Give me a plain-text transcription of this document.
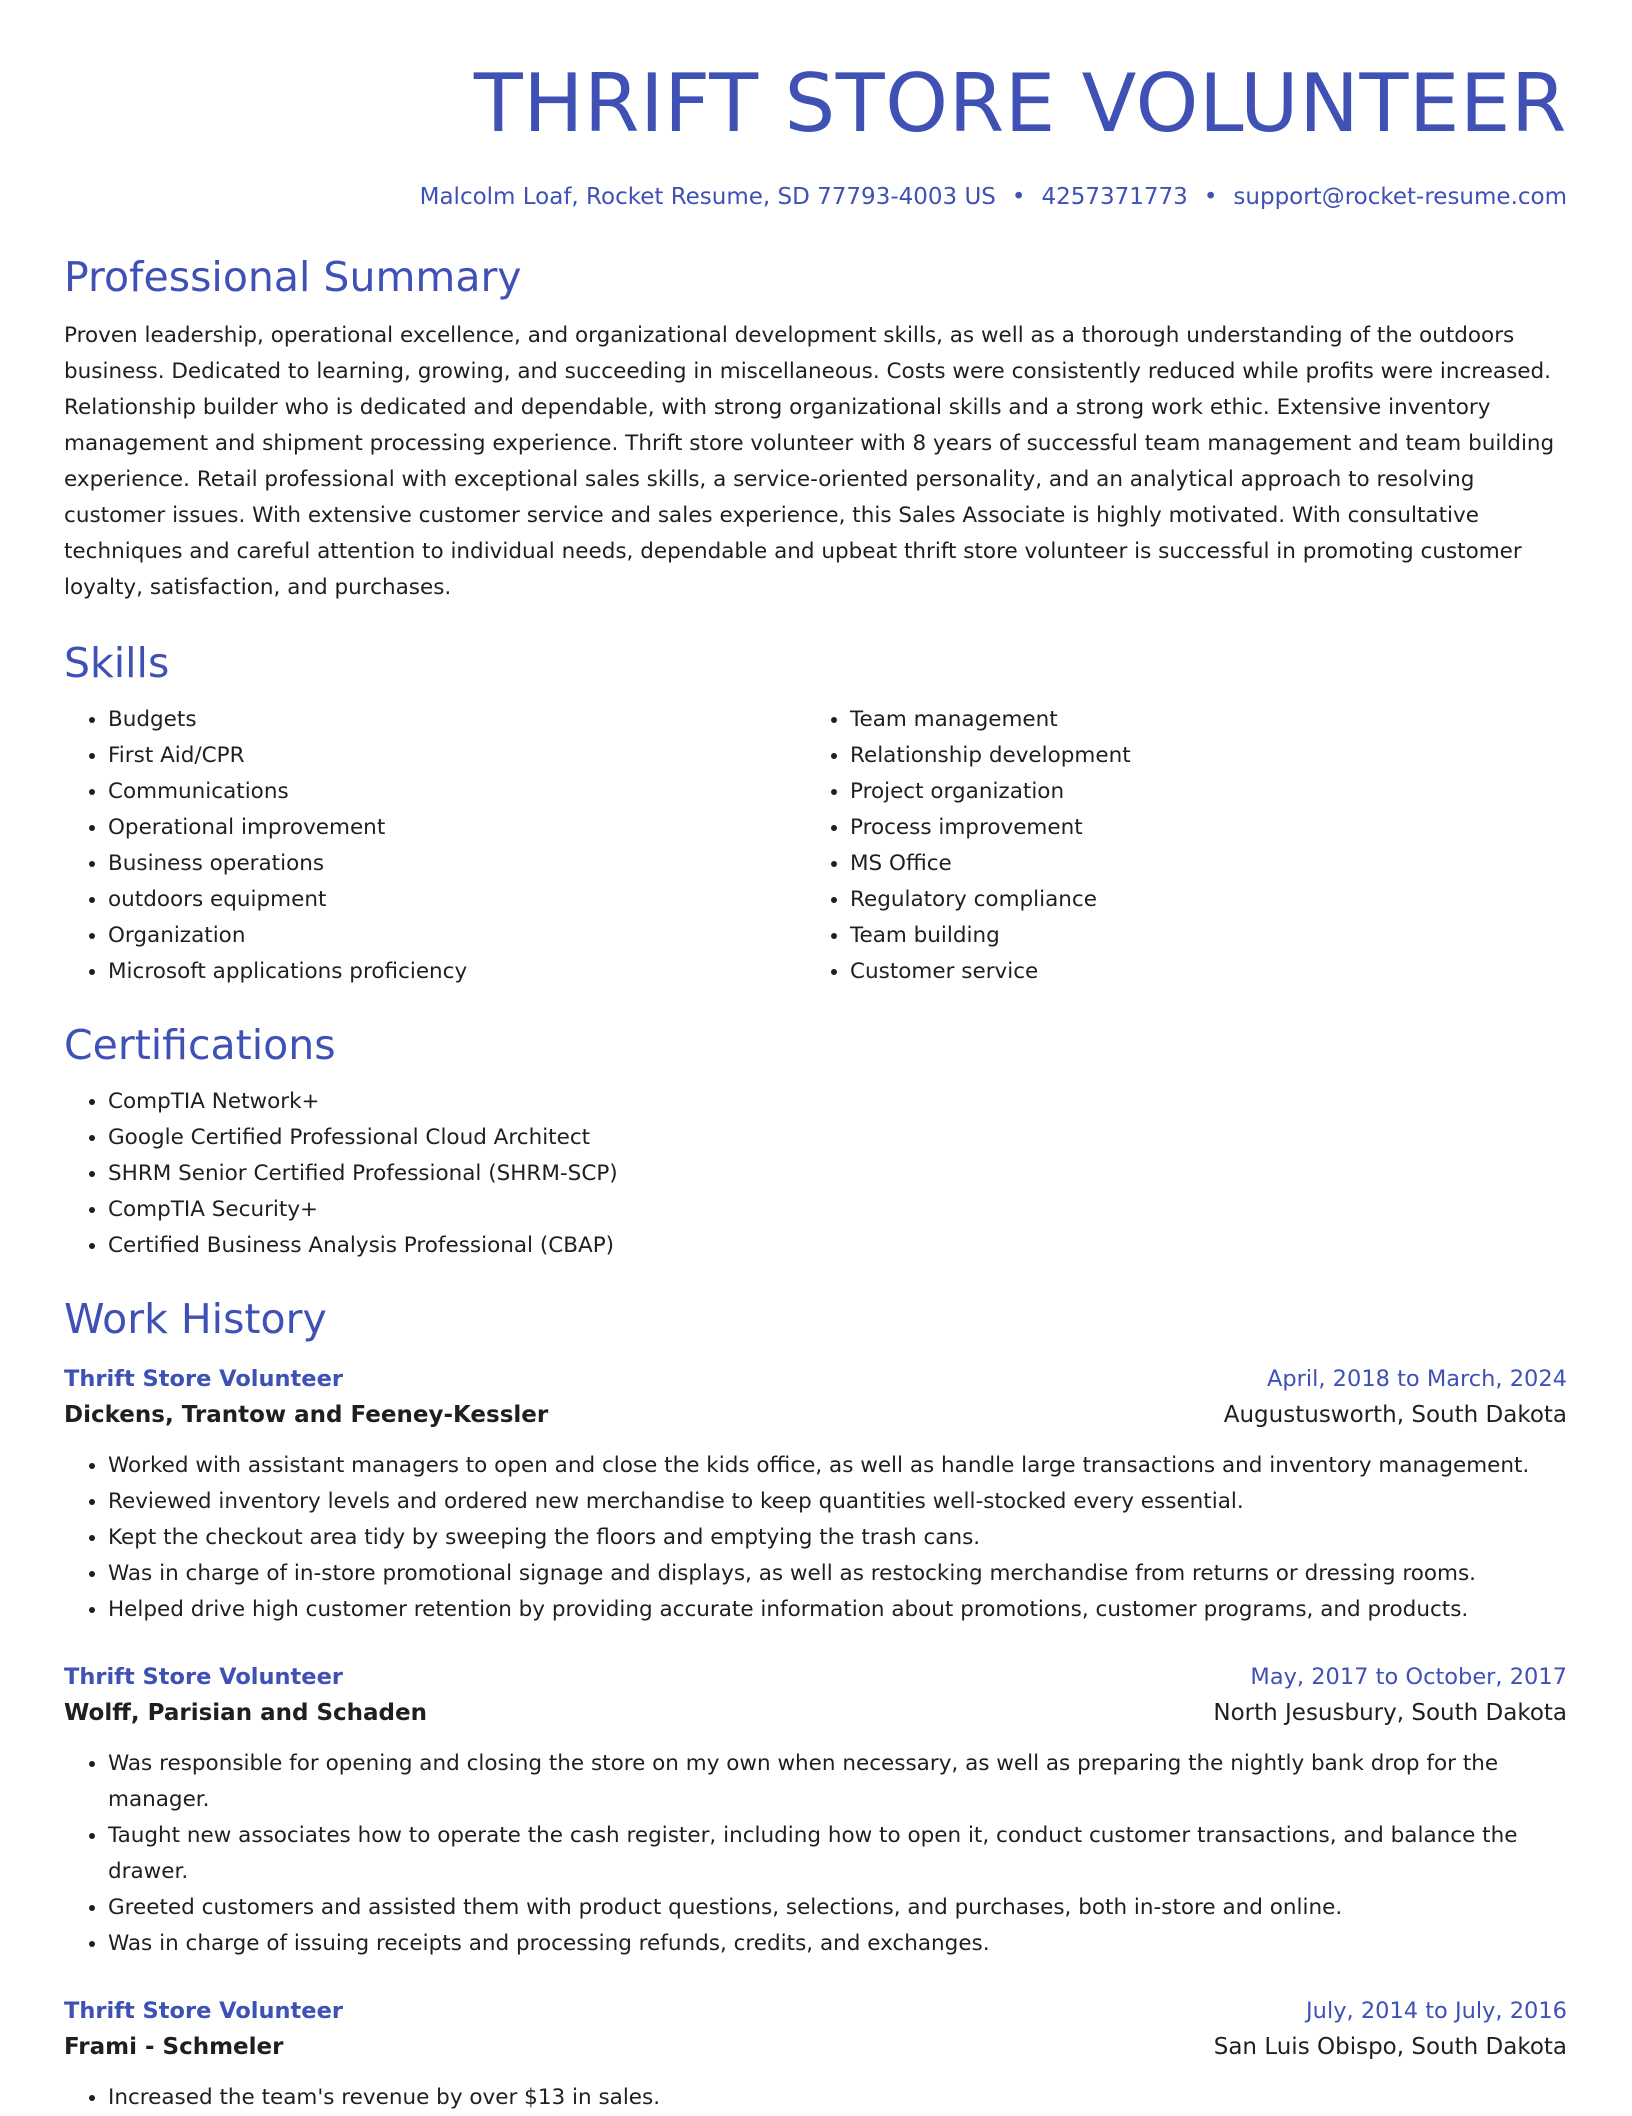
THRIFT STORE VOLUNTEER
Malcolm Loaf, Rocket Resume, SD 77793-4003 US • 4257371773 • support@rocket-resume.com
Professional Summary

Proven leadership, operational excellence, and organizational development skills, as well as a thorough understanding of the outdoors business. Dedicated to learning, growing, and succeeding in miscellaneous. Costs were consistently reduced while profits were increased. Relationship builder who is dedicated and dependable, with strong organizational skills and a strong work ethic. Extensive inventory management and shipment processing experience. Thrift store volunteer with 8 years of successful team management and team building experience. Retail professional with exceptional sales skills, a service-oriented personality, and an analytical approach to resolving customer issues. With extensive customer service and sales experience, this Sales Associate is highly motivated. With consultative techniques and careful attention to individual needs, dependable and upbeat thrift store volunteer is successful in promoting customer loyalty, satisfaction, and purchases.

Skills
• Budgets
• First Aid/CPR
• Communications
• Operational improvement
• Business operations
• outdoors equipment
• Organization
• Microsoft applications proficiency
• Team management
• Relationship development
• Project organization
• Process improvement
• MS Office
• Regulatory compliance
• Team building
• Customer service
Certifications
• CompTIA Network+
• Google Certified Professional Cloud Architect
• SHRM Senior Certified Professional (SHRM-SCP)
• CompTIA Security+
• Certified Business Analysis Professional (CBAP)
Work History
Thrift Store Volunteer	April, 2018 to March, 2024
Dickens, Trantow and Feeney-Kessler	Augustusworth, South Dakota
• Worked with assistant managers to open and close the kids office, as well as handle large transactions and inventory management.
• Reviewed inventory levels and ordered new merchandise to keep quantities well-stocked every essential.
• Kept the checkout area tidy by sweeping the floors and emptying the trash cans.
• Was in charge of in-store promotional signage and displays, as well as restocking merchandise from returns or dressing rooms.
• Helped drive high customer retention by providing accurate information about promotions, customer programs, and products.
Thrift Store Volunteer	May, 2017 to October, 2017
Wolff, Parisian and Schaden	North Jesusbury, South Dakota
• Was responsible for opening and closing the store on my own when necessary, as well as preparing the nightly bank drop for the manager.
• Taught new associates how to operate the cash register, including how to open it, conduct customer transactions, and balance the drawer.
• Greeted customers and assisted them with product questions, selections, and purchases, both in-store and online.
• Was in charge of issuing receipts and processing refunds, credits, and exchanges.
Thrift Store Volunteer	July, 2014 to July, 2016
Frami - Schmeler	San Luis Obispo, South Dakota
• Increased the team's revenue by over $13 in sales.
